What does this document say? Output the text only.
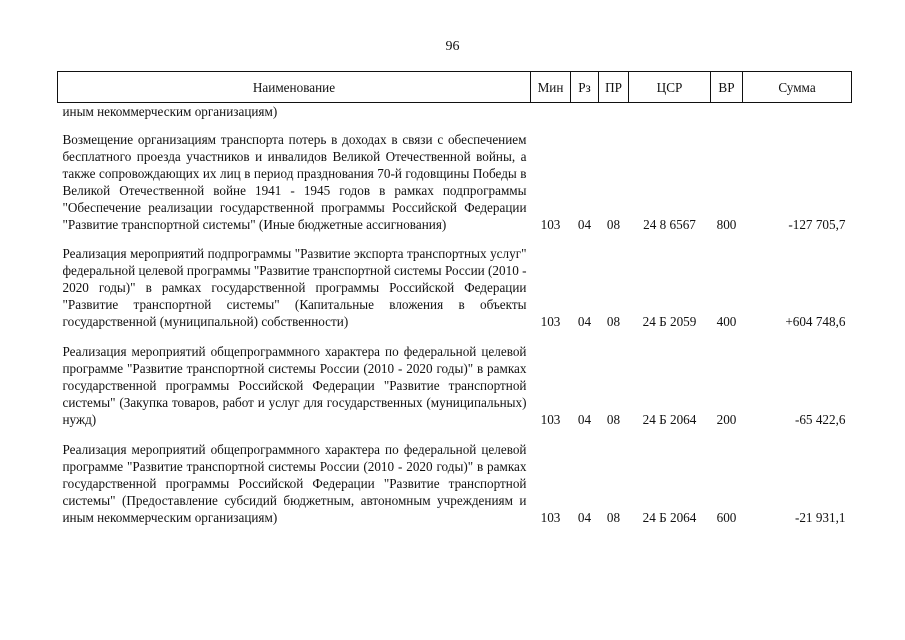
96
Наименование	Мин	Рз	ПР	ЦСР	ВР	Сумма
иным некоммерческим организациям)						
Возмещение организациям транспорта потерь в доходах в связи с обеспечением бесплатного проезда участников и инвалидов Великой Отечественной войны, а также сопровождающих их лиц в период празднования 70-й годовщины Победы в Великой Отечественной войне 1941 - 1945 годов в рамках подпрограммы "Обеспечение реализации государственной программы Российской Федерации "Развитие транспортной системы" (Иные бюджетные ассигнования)	103	04	08	24 8 6567	800	-127 705,7
Реализация мероприятий подпрограммы "Развитие экспорта транспортных услуг" федеральной целевой программы "Развитие транспортной системы России (2010 - 2020 годы)" в рамках государственной программы Российской Федерации "Развитие транспортной системы" (Капитальные вложения в объекты государственной (муниципальной) собственности)	103	04	08	24 Б 2059	400	+604 748,6
Реализация мероприятий общепрограммного характера по федеральной целевой программе "Развитие транспортной системы России (2010 - 2020 годы)" в рамках государственной программы Российской Федерации "Развитие транспортной системы" (Закупка товаров, работ и услуг для государственных (муниципальных) нужд)	103	04	08	24 Б 2064	200	-65 422,6
Реализация мероприятий общепрограммного характера по федеральной целевой программе "Развитие транспортной системы России (2010 - 2020 годы)" в рамках государственной программы Российской Федерации "Развитие транспортной системы" (Предоставление субсидий бюджетным, автономным учреждениям и иным некоммерческим организациям)	103	04	08	24 Б 2064	600	-21 931,1
